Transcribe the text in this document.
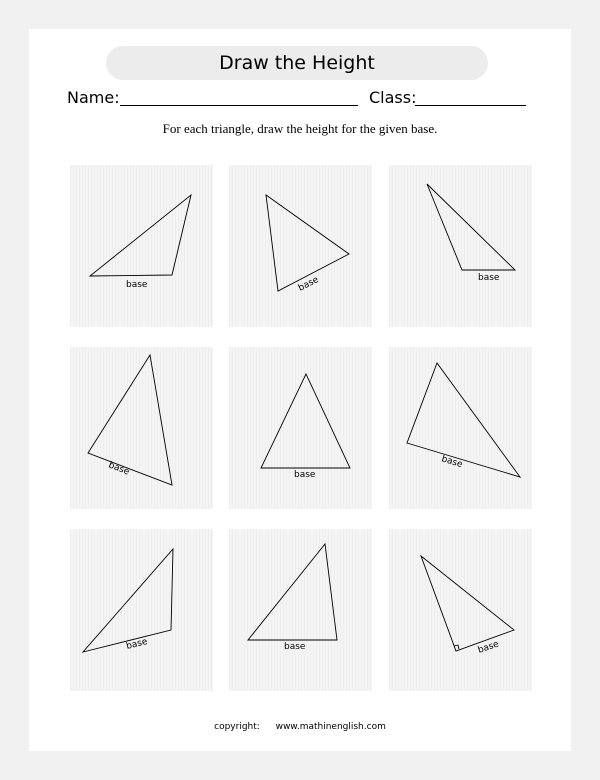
Draw the Height
Name:	Class:
For each triangle, draw the height for the given base.
base	base	base
base	base
base
base	base	base
copyright: www.mathinenglish.com
